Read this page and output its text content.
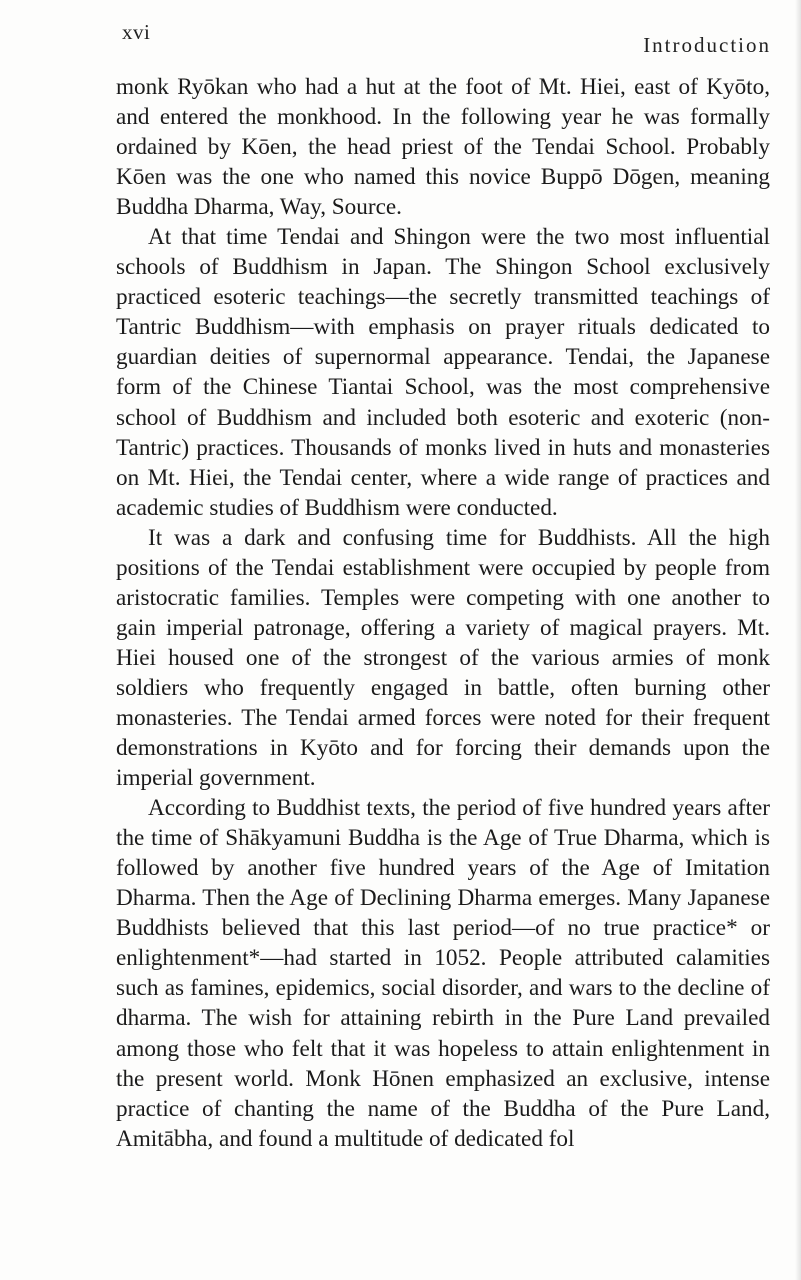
xvi
Introduction

monk Ryōkan who had a hut at the foot of Mt. Hiei, east of Kyōto, and entered the monkhood. In the following year he was formally ordained by Kōen, the head priest of the Tendai School. Probably Kōen was the one who named this novice Buppō Dōgen, meaning Buddha Dharma, Way, Source.

At that time Tendai and Shingon were the two most influential schools of Buddhism in Japan. The Shingon School exclusively practiced esoteric teachings—the secretly transmitted teachings of Tantric Buddhism—with emphasis on prayer rituals dedicated to guardian deities of supernormal appearance. Tendai, the Japanese form of the Chinese Tiantai School, was the most comprehensive school of Buddhism and included both esoteric and exoteric (non-Tantric) practices. Thousands of monks lived in huts and monasteries on Mt. Hiei, the Tendai center, where a wide range of practices and academic studies of Buddhism were conducted.

It was a dark and confusing time for Buddhists. All the high positions of the Tendai establishment were occupied by people from aristocratic families. Temples were competing with one another to gain imperial patronage, offering a variety of magical prayers. Mt. Hiei housed one of the strongest of the various armies of monk soldiers who frequently engaged in battle, often burning other monasteries. The Tendai armed forces were noted for their frequent demonstrations in Kyōto and for forcing their demands upon the imperial government.

According to Buddhist texts, the period of five hundred years after the time of Shākyamuni Buddha is the Age of True Dharma, which is followed by another five hundred years of the Age of Imitation Dharma. Then the Age of Declining Dharma emerges. Many Japanese Buddhists believed that this last period—of no true practice* or enlightenment*—had started in 1052. People attributed calamities such as famines, epidemics, social disorder, and wars to the decline of dharma. The wish for attaining rebirth in the Pure Land prevailed among those who felt that it was hopeless to attain enlightenment in the present world. Monk Hōnen emphasized an exclusive, intense practice of chanting the name of the Buddha of the Pure Land, Amitābha, and found a multitude of dedicated fol
